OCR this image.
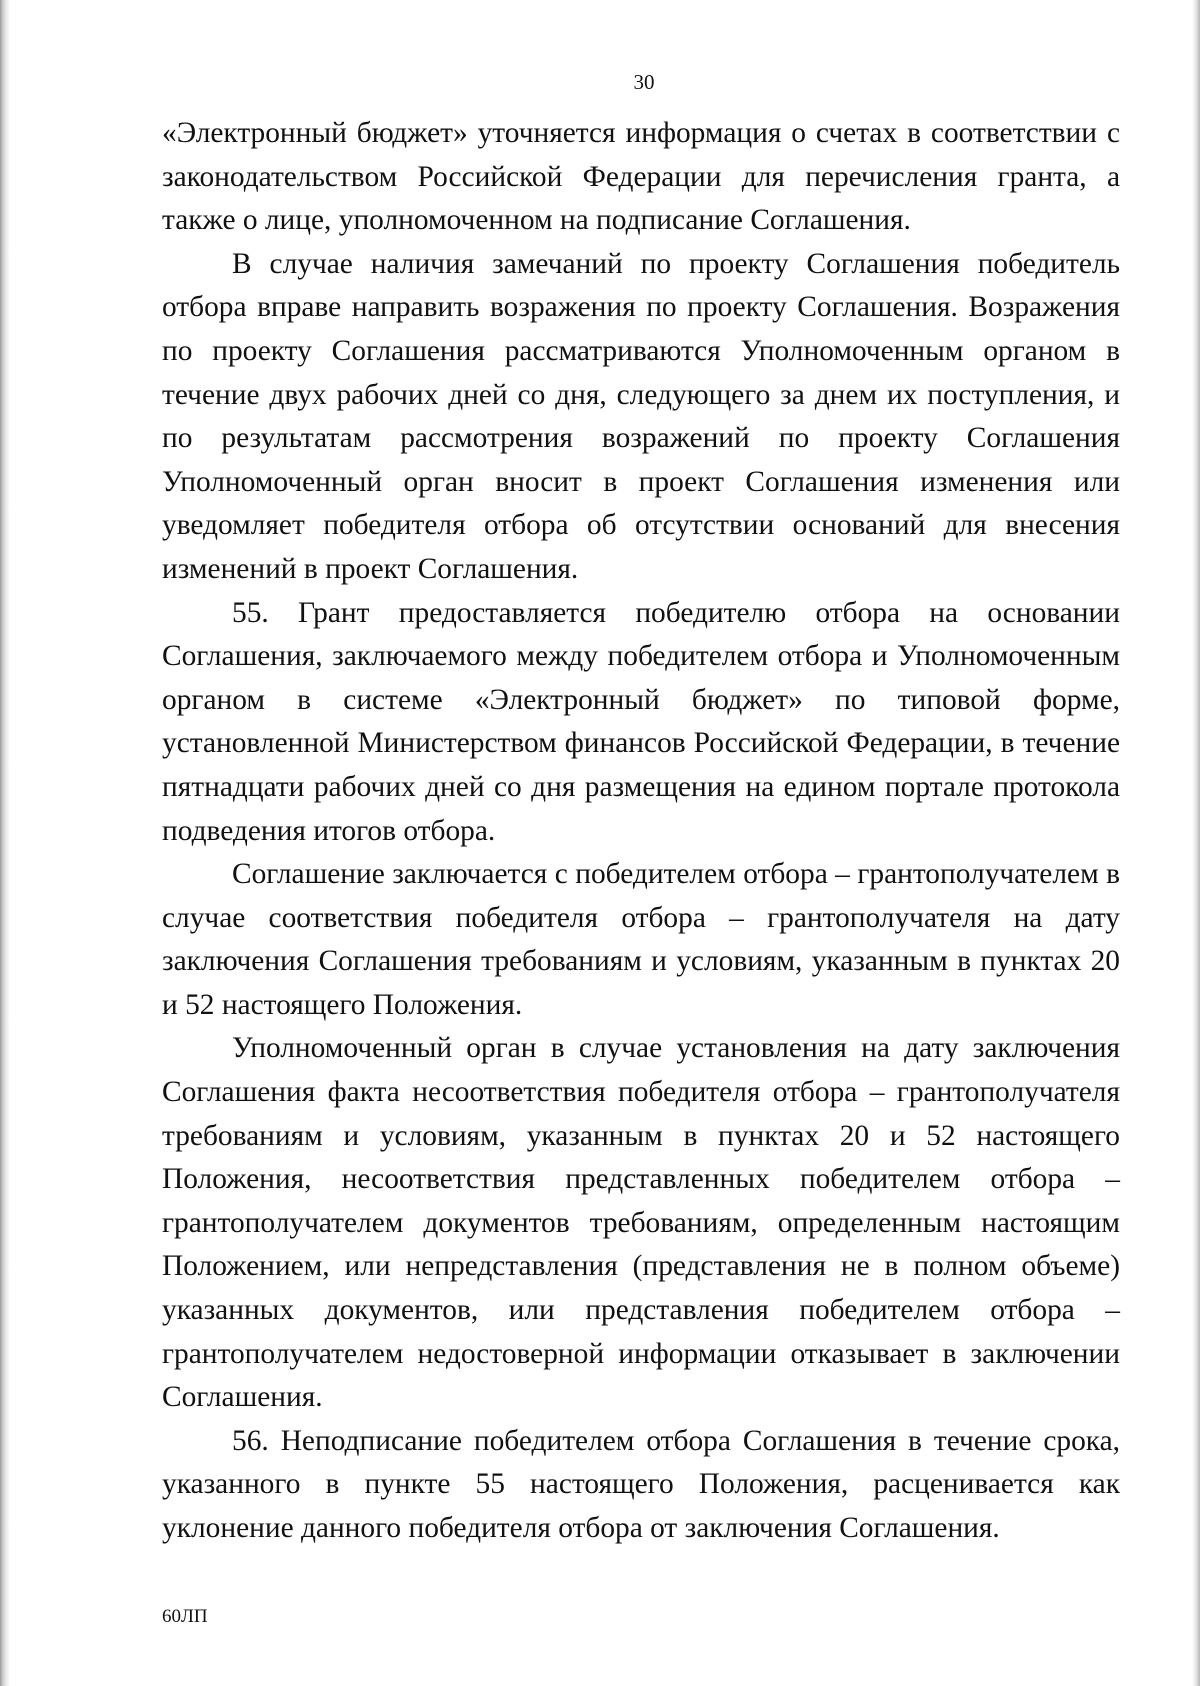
30

«Электронный бюджет» уточняется информация о счетах в соответствии с законодательством Российской Федерации для перечисления гранта, а также о лице, уполномоченном на подписание Соглашения.

В случае наличия замечаний по проекту Соглашения победитель отбора вправе направить возражения по проекту Соглашения. Возражения по проекту Соглашения рассматриваются Уполномоченным органом в течение двух рабочих дней со дня, следующего за днем их поступления, и по результатам рассмотрения возражений по проекту Соглашения Уполномоченный орган вносит в проект Соглашения изменения или уведомляет победителя отбора об отсутствии оснований для внесения изменений в проект Соглашения.

55. Грант предоставляется победителю отбора на основании Соглашения, заключаемого между победителем отбора и Уполномоченным органом в системе «Электронный бюджет» по типовой форме, установленной Министерством финансов Российской Федерации, в течение пятнадцати рабочих дней со дня размещения на едином портале протокола подведения итогов отбора.

Соглашение заключается с победителем отбора – грантополучателем в случае соответствия победителя отбора – грантополучателя на дату заключения Соглашения требованиям и условиям, указанным в пунктах 20 и 52 настоящего Положения.

Уполномоченный орган в случае установления на дату заключения Соглашения факта несоответствия победителя отбора – грантополучателя требованиям и условиям, указанным в пунктах 20 и 52 настоящего Положения, несоответствия представленных победителем отбора – грантополучателем документов требованиям, определенным настоящим Положением, или непредставления (представления не в полном объеме) указанных документов, или представления победителем отбора – грантополучателем недостоверной информации отказывает в заключении Соглашения.

56. Неподписание победителем отбора Соглашения в течение срока, указанного в пункте 55 настоящего Положения, расценивается как уклонение данного победителя отбора от заключения Соглашения.

60ЛП
